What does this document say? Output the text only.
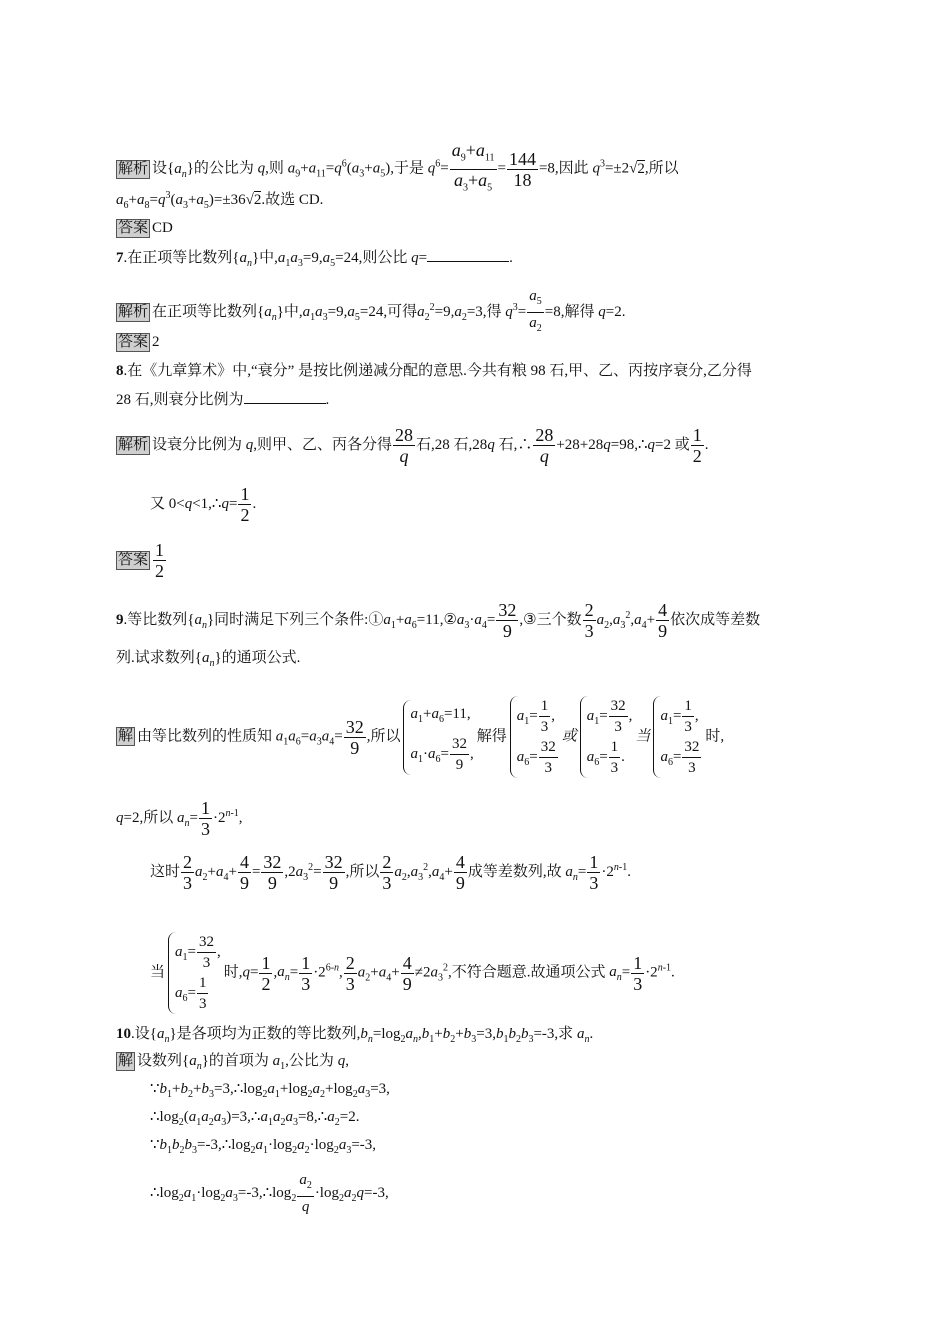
解析 设$\{a_n\}$的公比为 q,则 $a_9+a_{11}=q^6(a_3+a_5)$,于是 $q^6= \frac{a_9+a_{11}}{a_3+a_5} = \frac{144}{18} =8$,因此 $q^3=\pm 2√2$,所以
$a_6+a_8=q^3(a_3+a_5)=\pm 36√2$.故选 CD.
答案 CD
7.在正项等比数列$\{a_n\}$中$,a_1a_3=9,a_5=24$,则公比 q=	.
解析 在正项等比数列$\{a_n\}$中$,a_1a_3=9,a_5=24$,可得$a_2^2=9,a_2=3$,得 $q^3= \frac{a_5}{a_2} =8$,解得 q=2.
答案 2
8.在《九章算术》中,“衰分” 是按比例递减分配的意思.今共有粮 98 石,甲、乙、丙按序衰分,乙分得
28 石,则衰分比例为	.
解析 设衰分比例为 q,则甲、乙、丙各分得 $\frac{28}{q}$ 石,28 石,28q 石,∴ $\frac{28}{q}$ +28+28q=98,∴q=2 或 $\frac{1}{2}$ .
又 0<q<1,∴q= $\frac{1}{2}$ .
答案 $\frac{1}{2}$
9.等比数列$\{a_n\}$同时满足下列三个条件$:①a_1+a_6=11,②a_3\cdot a_4= \frac{32}{9}$ ,③三个数 $\frac{2}{3} a_2,a_3^2,a_4+ \frac{4}{9}$ 依次成等差数
列.试求数列$\{a_n\}$的通项公式.
解 由等比数列的性质知 $a_1a_6=a_3a_4= \frac{32}{9}$ ,所以
$a_1+a_6=11$,
$a_1\cdot a_6= \frac{32}{9}$ ,
解得
$a_1= \frac{1}{3}$ ,
$a_6= \frac{32}{3}$
或
$a_1= \frac{32}{3}$ ,
$a_6= \frac{1}{3}$ .
当
$a_1= \frac{1}{3}$ ,
$a_6= \frac{32}{3}$
时,
q=2,所以 $a_n= \frac{1}{3} \cdot 2^{n-1}$,
这时 $\frac{2}{3} a_2+a_4+ \frac{4}{9} = \frac{32}{9} ,2a_3^2= \frac{32}{9}$ ,所以 $\frac{2}{3} a_2,a_3^2,a_4+ \frac{4}{9}$ 成等差数列,故 $a_n= \frac{1}{3} \cdot 2^{n-1}$.
当
$a_1= \frac{32}{3}$ ,
$a_6= \frac{1}{3}$
时$,q= \frac{1}{2} ,a_n= \frac{1}{3} \cdot 2^{6-n}$, $\frac{2}{3} a_2+a_4+ \frac{4}{9} \ne 2a_3^2$,不符合题意.故通项公式 $a_n= \frac{1}{3} \cdot 2^{n-1}$.
10.设$\{a_n\}$是各项均为正数的等比数列$,b_n=\log_2a_n,b_1+b_2+b_3=3,b_1b_2b_3=-3$,求 $a_n$.
解 设数列$\{a_n\}$的首项为 $a_1$,公比为 q,
$\because b_1+b_2+b_3=3,\therefore\log_2a_1+\log_2a_2+\log_2a_3=3$,
$\therefore\log_2(a_1a_2a_3)=3,\therefore a_1a_2a_3=8,\therefore a_2=2$.
$\because b_1b_2b_3=-3,\therefore\log_2a_1\cdot\log_2a_2\cdot\log_2a_3=-3$,
$\therefore\log_2a_1\cdot\log_2a_3=-3,\therefore\log_2 \frac{a_2}{q} \cdot\log_2a_2q=-3$,
